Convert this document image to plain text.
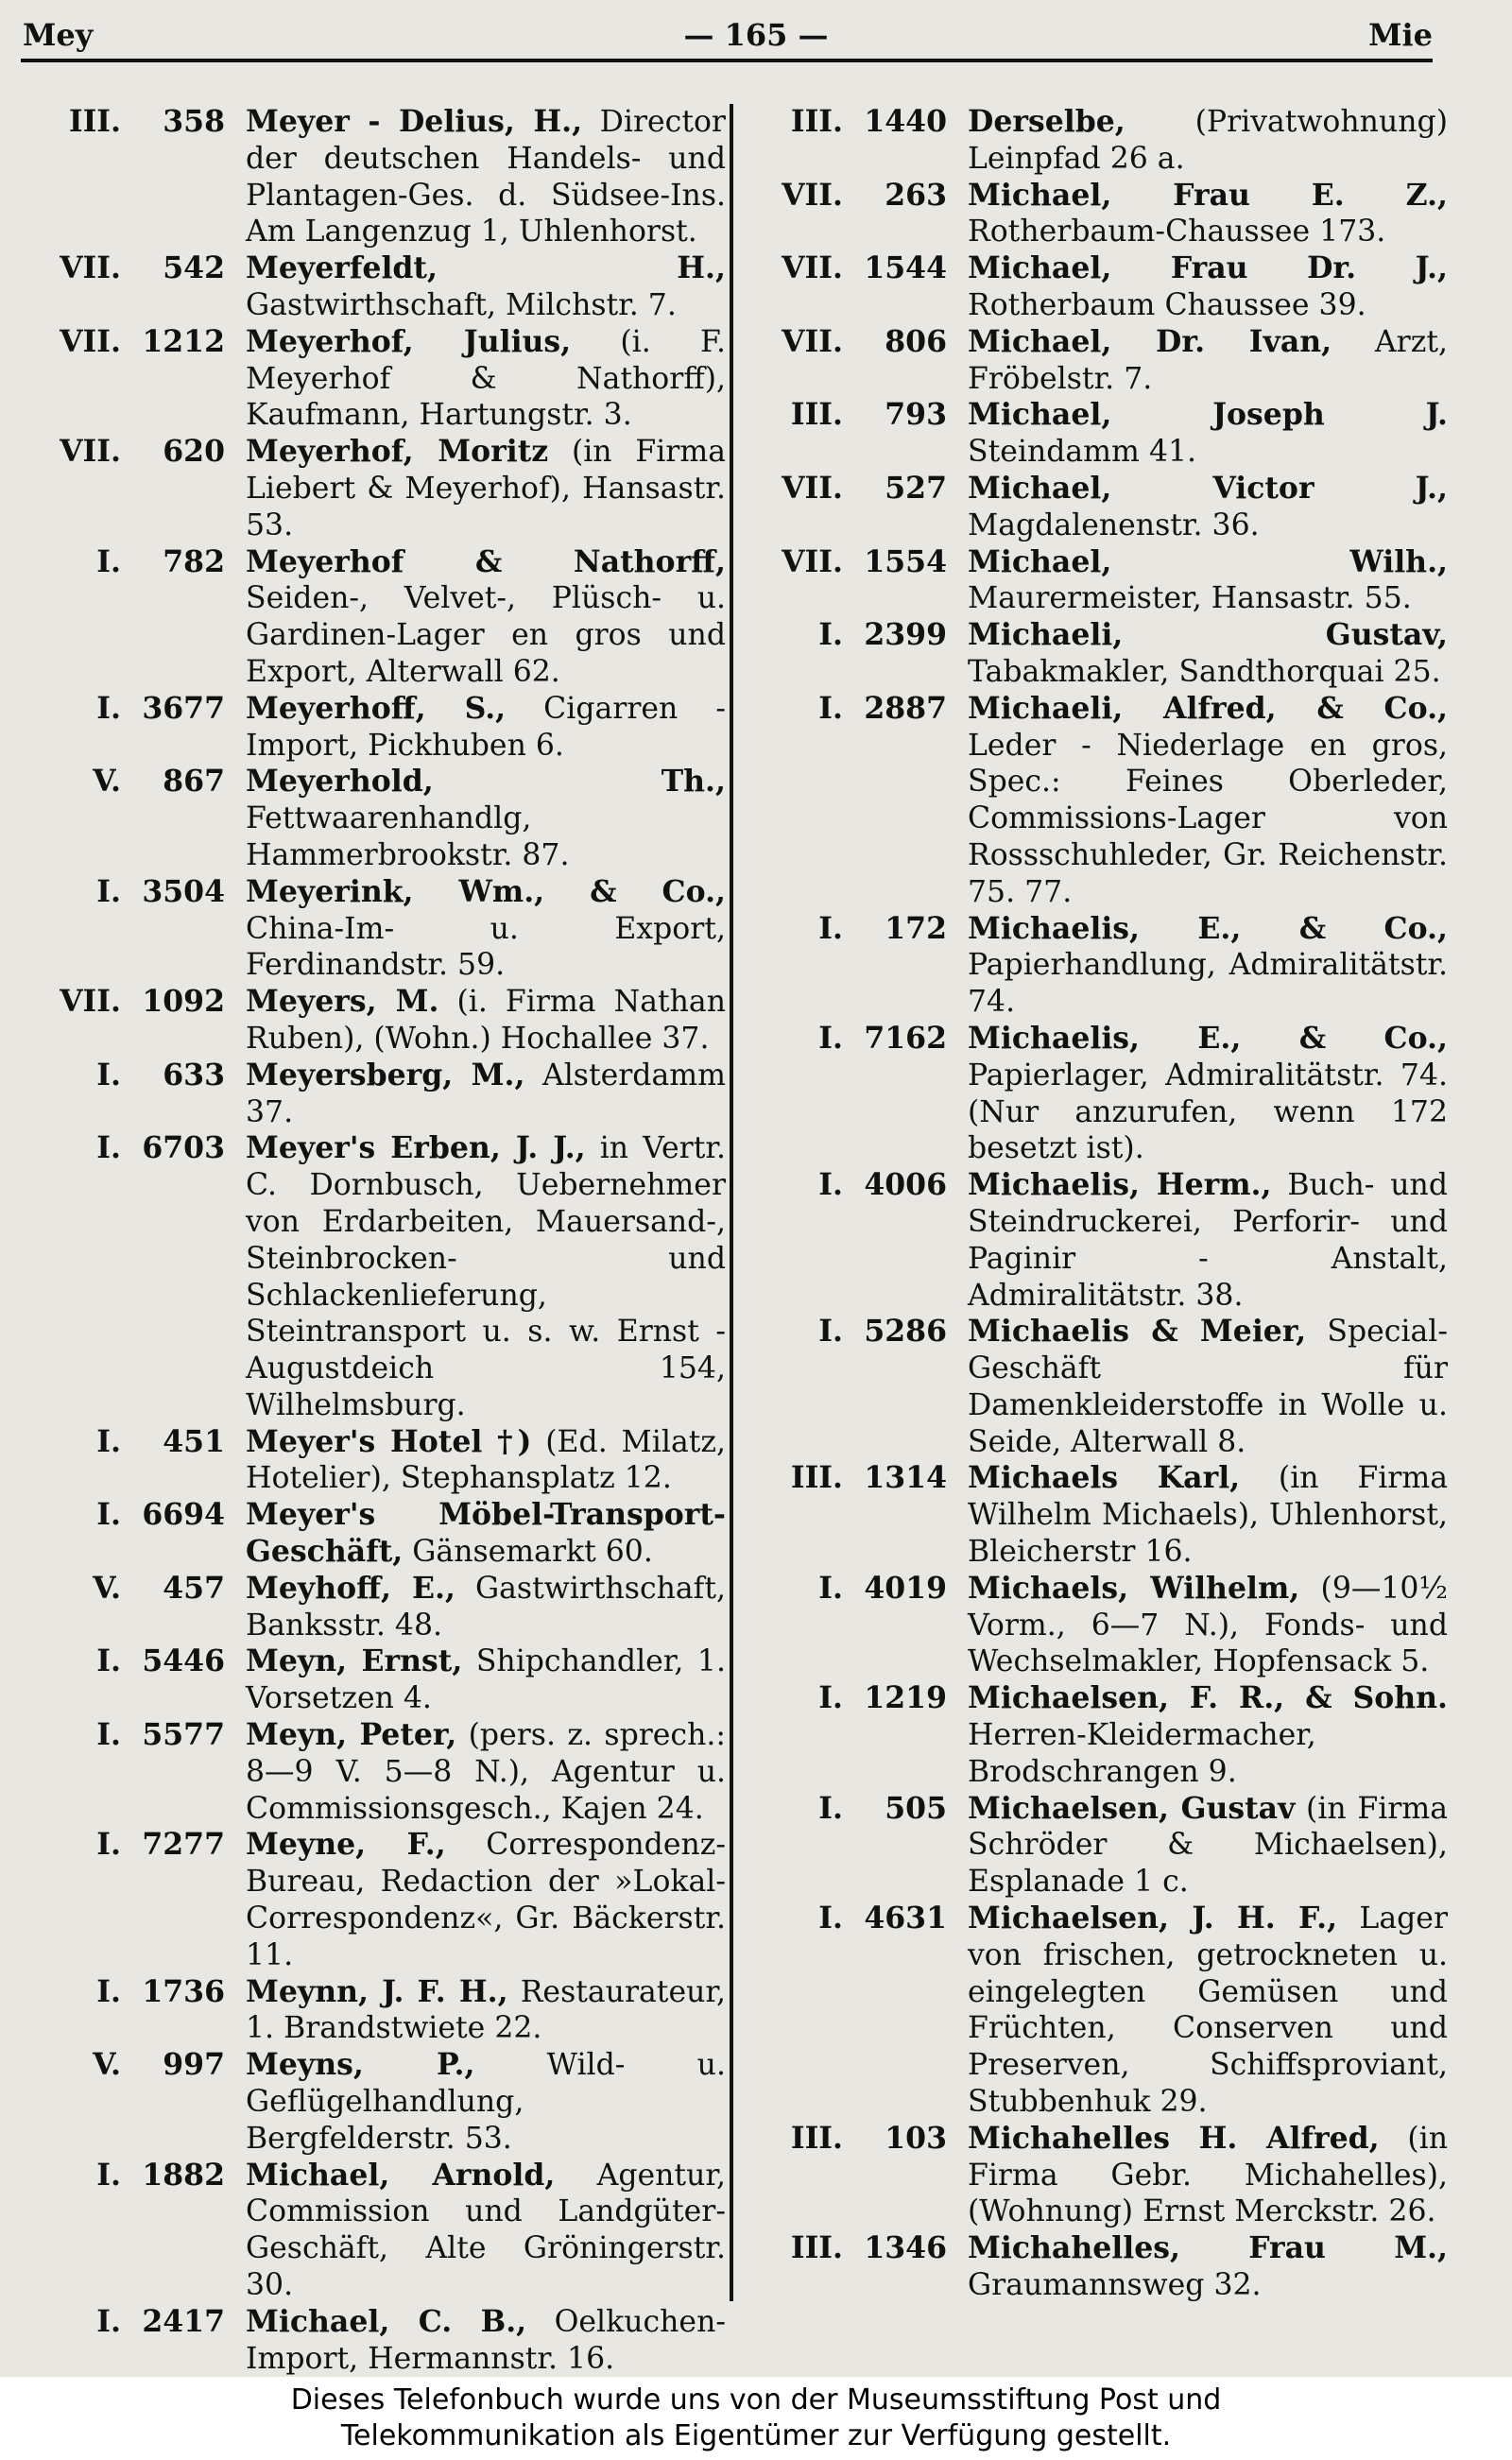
Mey	— 165 —	Mie
III.	358 Meyer - Delius, H., Director der deutschen Handels- und Plantagen-Ges. d. Südsee-Ins. Am Langenzug 1, Uhlenhorst.
VII.	542 Meyerfeldt, H., Gastwirthschaft, Milchstr. 7.
VII. 1212 Meyerhof, Julius, (i. F. Meyerhof & Nathorff), Kaufmann, Hartungstr. 3.
VII.	620 Meyerhof, Moritz (in Firma Liebert & Meyerhof), Hansastr. 53.
I.	782 Meyerhof & Nathorff, Seiden-, Velvet-, Plüsch- u. Gardinen-Lager en gros und Export, Alterwall 62.
I. 3677 Meyerhoff, S., Cigarren - Import, Pickhuben 6.
V.	867 Meyerhold, Th., Fettwaarenhandlg, Hammerbrookstr. 87.
I. 3504 Meyerink, Wm., & Co., China-Im- u. Export, Ferdinandstr. 59.
VII. 1092 Meyers, M. (i. Firma Nathan Ruben), (Wohn.) Hochallee 37.
I.	633 Meyersberg, M., Alsterdamm 37.
I. 6703 Meyer's Erben, J. J., in Vertr. C. Dornbusch, Uebernehmer von Erdarbeiten, Mauersand-, Steinbrocken- und Schlackenlieferung, Steintransport u. s. w. Ernst - Augustdeich 154, Wilhelmsburg.
I.	451 Meyer's Hotel †) (Ed. Milatz, Hotelier), Stephansplatz 12.
I. 6694 Meyer's Möbel-Transport-Geschäft, Gänsemarkt 60.
V.	457 Meyhoff, E., Gastwirthschaft, Banksstr. 48.
I. 5446 Meyn, Ernst, Shipchandler, 1. Vorsetzen 4.
I. 5577 Meyn, Peter, (pers. z. sprech.: 8—9 V. 5—8 N.), Agentur u. Commissionsgesch., Kajen 24.
I. 7277 Meyne, F., Correspondenz-Bureau, Redaction der »Lokal-Correspondenz«, Gr. Bäckerstr. 11.
I. 1736 Meynn, J. F. H., Restaurateur, 1. Brandstwiete 22.
V.	997 Meyns, P., Wild- u. Geflügelhandlung, Bergfelderstr. 53.
I. 1882 Michael, Arnold, Agentur, Commission und Landgüter-Geschäft, Alte Gröningerstr. 30.
I. 2417 Michael, C. B., Oelkuchen-Import, Hermannstr. 16.
III. 1440 Derselbe, (Privatwohnung) Leinpfad 26 a.
VII.	263 Michael, Frau E. Z., Rotherbaum-Chaussee 173.
VII. 1544 Michael, Frau Dr. J., Rotherbaum Chaussee 39.
VII.	806 Michael, Dr. Ivan, Arzt, Fröbelstr. 7.
III.	793 Michael, Joseph J. Steindamm 41.
VII.	527 Michael, Victor J., Magdalenenstr. 36.
VII. 1554 Michael, Wilh., Maurermeister, Hansastr. 55.
I. 2399 Michaeli, Gustav, Tabakmakler, Sandthorquai 25.
I. 2887 Michaeli, Alfred, & Co., Leder - Niederlage en gros, Spec.: Feines Oberleder, Commissions-Lager von Rossschuhleder, Gr. Reichenstr. 75. 77.
I.	172 Michaelis, E., & Co., Papierhandlung, Admiralitätstr. 74.
I. 7162 Michaelis, E., & Co., Papierlager, Admiralitätstr. 74. (Nur anzurufen, wenn 172 besetzt ist).
I. 4006 Michaelis, Herm., Buch- und Steindruckerei, Perforir- und Paginir - Anstalt, Admiralitätstr. 38.
I. 5286 Michaelis & Meier, Special-Geschäft für Damenkleiderstoffe in Wolle u. Seide, Alterwall 8.
III. 1314 Michaels Karl, (in Firma Wilhelm Michaels), Uhlenhorst, Bleicherstr 16.
I. 4019 Michaels, Wilhelm, (9—10½ Vorm., 6—7 N.), Fonds- und Wechselmakler, Hopfensack 5.
I. 1219 Michaelsen, F. R., & Sohn. Herren-Kleidermacher, Brodschrangen 9.
I.	505 Michaelsen, Gustav (in Firma Schröder & Michaelsen), Esplanade 1 c.
I. 4631 Michaelsen, J. H. F., Lager von frischen, getrockneten u. eingelegten Gemüsen und Früchten, Conserven und Preserven, Schiffsproviant, Stubbenhuk 29.
III.	103 Michahelles H. Alfred, (in Firma Gebr. Michahelles), (Wohnung) Ernst Merckstr. 26.
III. 1346 Michahelles, Frau M., Graumannsweg 32.
Dieses Telefonbuch wurde uns von der Museumsstiftung Post und
Telekommunikation als Eigentümer zur Verfügung gestellt.
